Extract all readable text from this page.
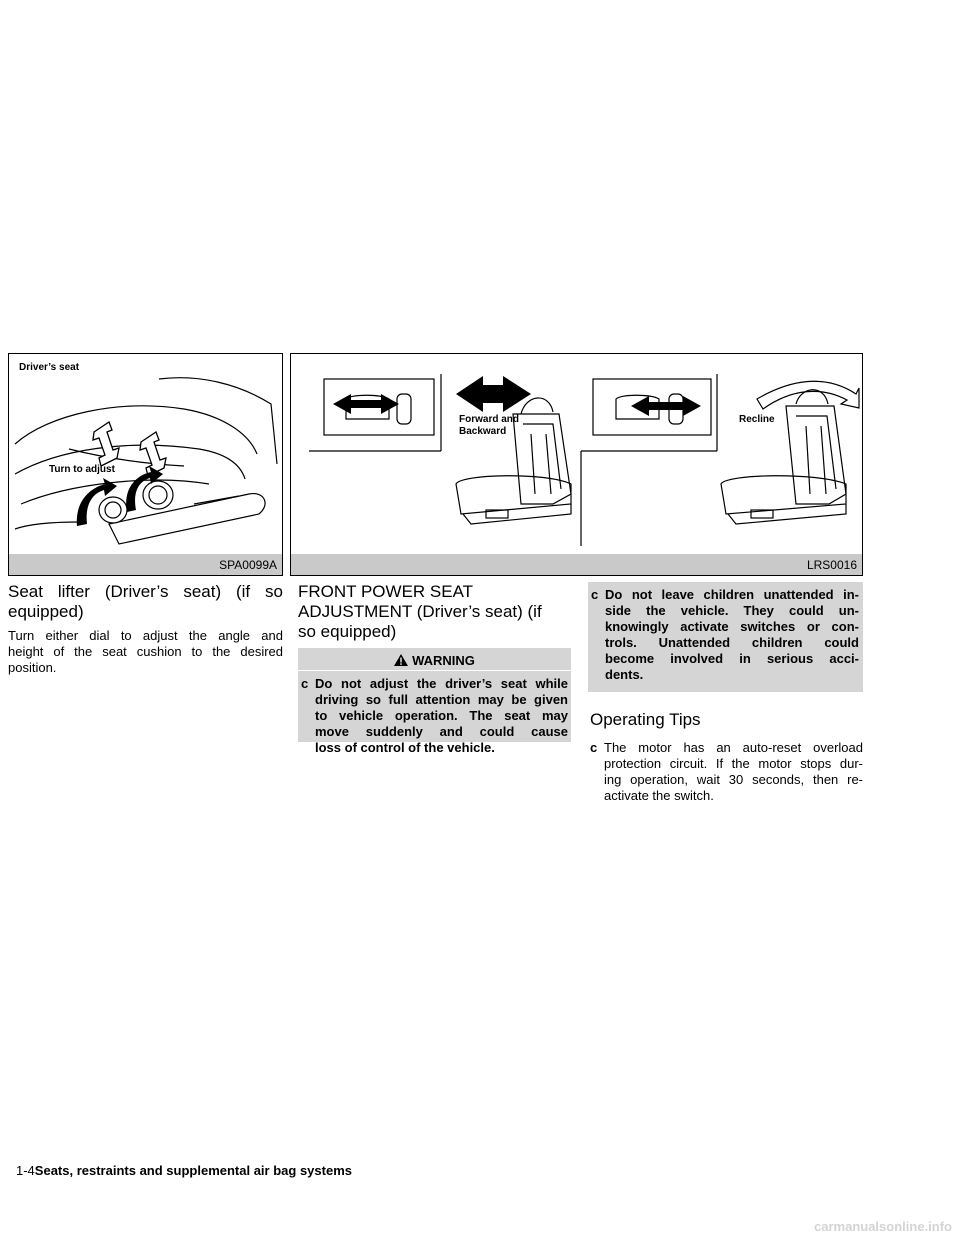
Driver’s seat
Turn to adjust
SPA0099A
Forward and
Backward
Recline
LRS0016
Seat lifter (Driver’s seat) (if so
equipped)
Turn either dial to adjust the angle and
height of the seat cushion to the desired
position.
FRONT POWER SEAT
ADJUSTMENT (Driver’s seat) (if
so equipped)
WARNING
c Do not adjust the driver’s seat while
driving so full attention may be given
to vehicle operation. The seat may
move suddenly and could cause
loss of control of the vehicle.
c Do not leave children unattended in-
side the vehicle. They could un-
knowingly activate switches or con-
trols. Unattended children could
become involved in serious acci-
dents.
Operating Tips
c The motor has an auto-reset overload
protection circuit. If the motor stops dur-
ing operation, wait 30 seconds, then re-
activate the switch.
1-4Seats, restraints and supplemental air bag systems
carmanualsonline.info
